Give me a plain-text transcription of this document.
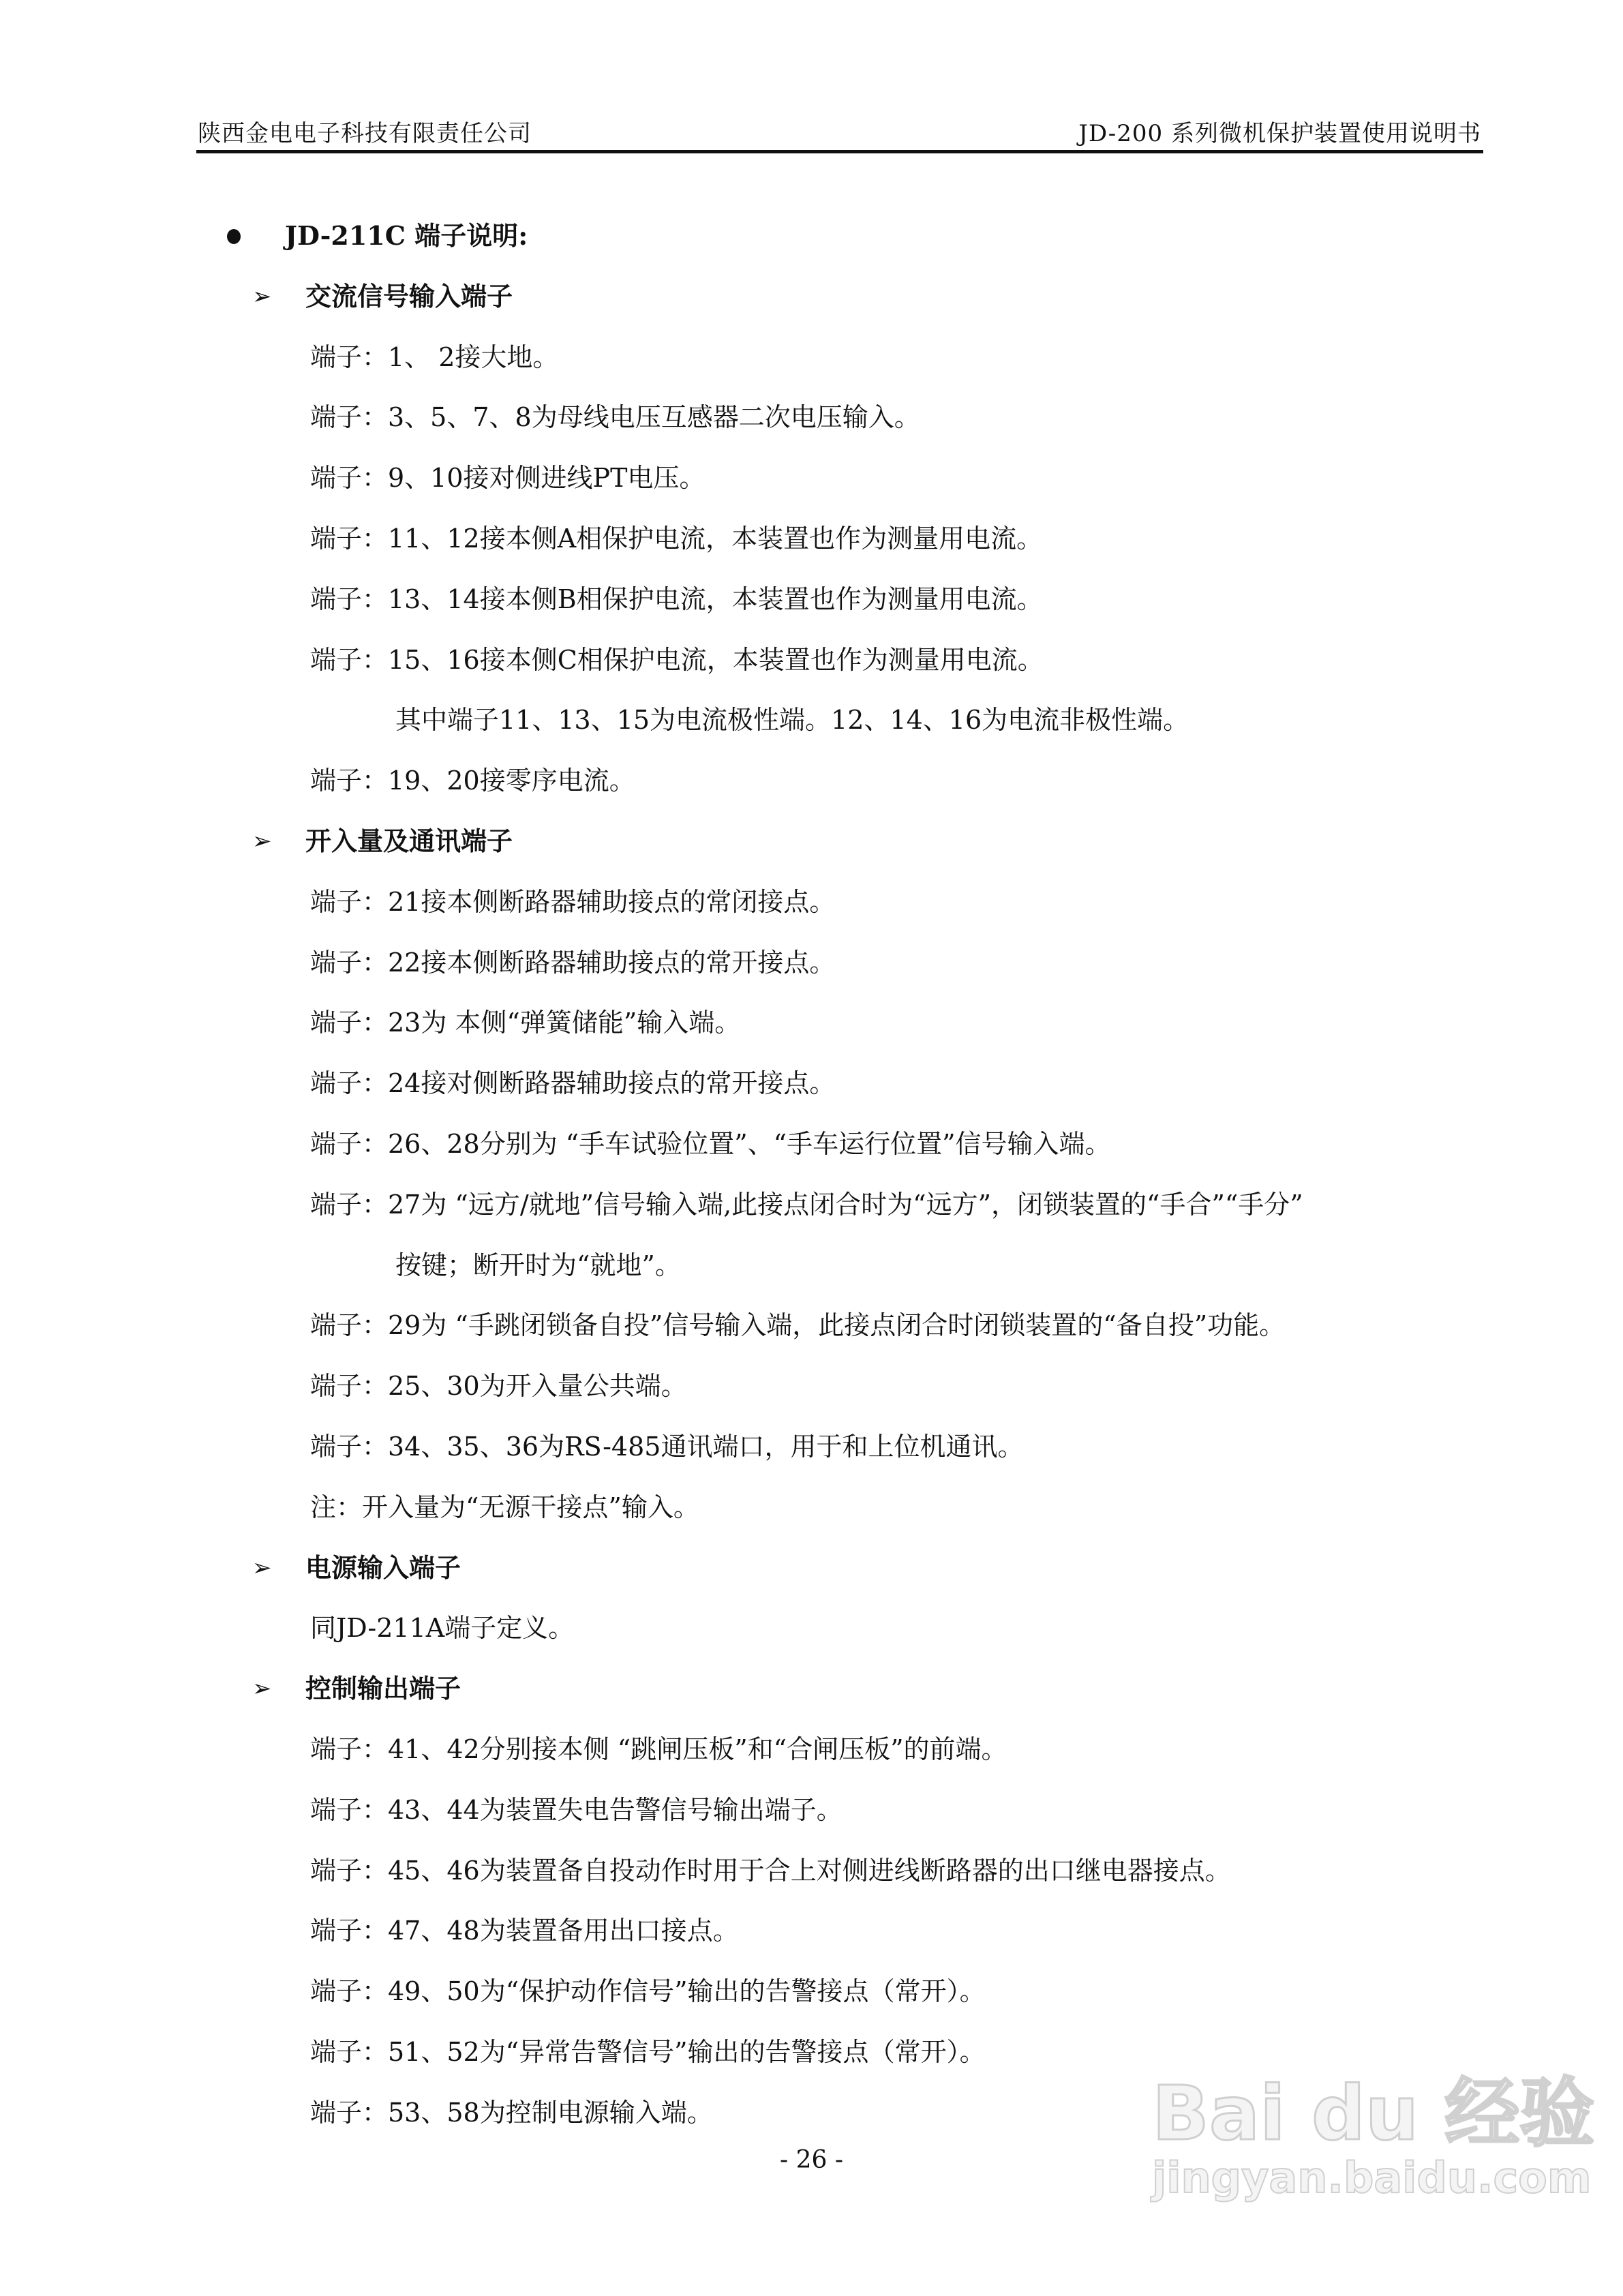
陕西金电电子科技有限责任公司	JD-200 系列微机保护装置使用说明书
JD-211C 端子说明:
➢ 交流信号输入端子
端子：1、 2接大地。
端子：3、5、7、8为母线电压互感器二次电压输入。
端子：9、10接对侧进线PT电压。
端子：11、12接本侧A相保护电流，本装置也作为测量用电流。
端子：13、14接本侧B相保护电流，本装置也作为测量用电流。
端子：15、16接本侧C相保护电流，本装置也作为测量用电流。
其中端子11、13、15为电流极性端。12、14、16为电流非极性端。
端子：19、20接零序电流。
➢ 开入量及通讯端子
端子：21接本侧断路器辅助接点的常闭接点。
端子：22接本侧断路器辅助接点的常开接点。
端子：23为 本侧“弹簧储能”输入端。
端子：24接对侧断路器辅助接点的常开接点。
端子：26、28分别为 “手车试验位置”、“手车运行位置”信号输入端。
端子：27为 “远方/就地”信号输入端,此接点闭合时为“远方”，闭锁装置的“手合”“手分”
按键；断开时为“就地”。
端子：29为 “手跳闭锁备自投”信号输入端，此接点闭合时闭锁装置的“备自投”功能。
端子：25、30为开入量公共端。
端子：34、35、36为RS-485通讯端口，用于和上位机通讯。
注：开入量为“无源干接点”输入。
➢ 电源输入端子
同JD-211A端子定义。
➢ 控制输出端子
端子：41、42分别接本侧 “跳闸压板”和“合闸压板”的前端。
端子：43、44为装置失电告警信号输出端子。
端子：45、46为装置备自投动作时用于合上对侧进线断路器的出口继电器接点。
端子：47、48为装置备用出口接点。
端子：49、50为“保护动作信号”输出的告警接点（常开）。
端子：51、52为“异常告警信号”输出的告警接点（常开）。
端子：53、58为控制电源输入端。
- 26 -
Bai du 经验
jingyan.baidu.com
